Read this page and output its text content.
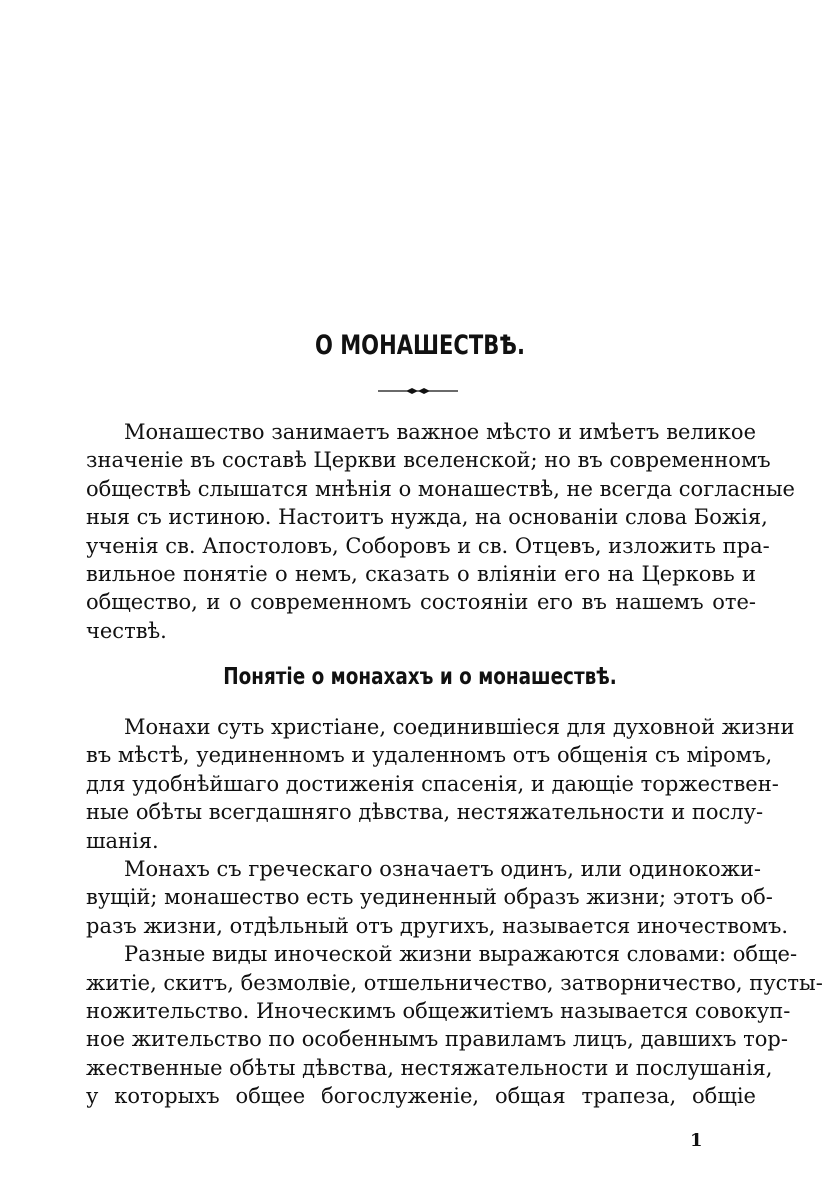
О МОНАШЕСТВѢ.
Монашество занимаетъ важное мѣсто и имѣетъ великое
значеніе въ составѣ Церкви вселенской; но въ современномъ
обществѣ слышатся мнѣнія о монашествѣ, не всегда согласные
ныя съ истиною. Настоитъ нужда, на основаніи слова Божія,
ученія св. Апостоловъ, Соборовъ и св. Отцевъ, изложить пра-
вильное понятіе о немъ, сказать о вліяніи его на Церковь и
общество, и о современномъ состояніи его въ нашемъ оте-
чествѣ.
Понятіе о монахахъ и о монашествѣ.
Монахи суть христіане, соединившіеся для духовной жизни
въ мѣстѣ, уединенномъ и удаленномъ отъ общенія съ міромъ,
для удобнѣйшаго достиженія спасенія, и дающіе торжествен-
ные обѣты всегдашняго дѣвства, нестяжательности и послу-
шанія.
Монахъ съ греческаго означаетъ одинъ, или одинокожи-
вущій; монашество есть уединенный образъ жизни; этотъ об-
разъ жизни, отдѣльный отъ другихъ, называется иночествомъ.
Разные виды иноческой жизни выражаются словами: обще-
житіе, скитъ, безмолвіе, отшельничество, затворничество, пусты-
ножительство. Иноческимъ общежитіемъ называется совокуп-
ное жительство по особеннымъ правиламъ лицъ, давшихъ тор-
жественные обѣты дѣвства, нестяжательности и послушанія,
у которыхъ общее богослуженіе, общая трапеза, общіе
1
